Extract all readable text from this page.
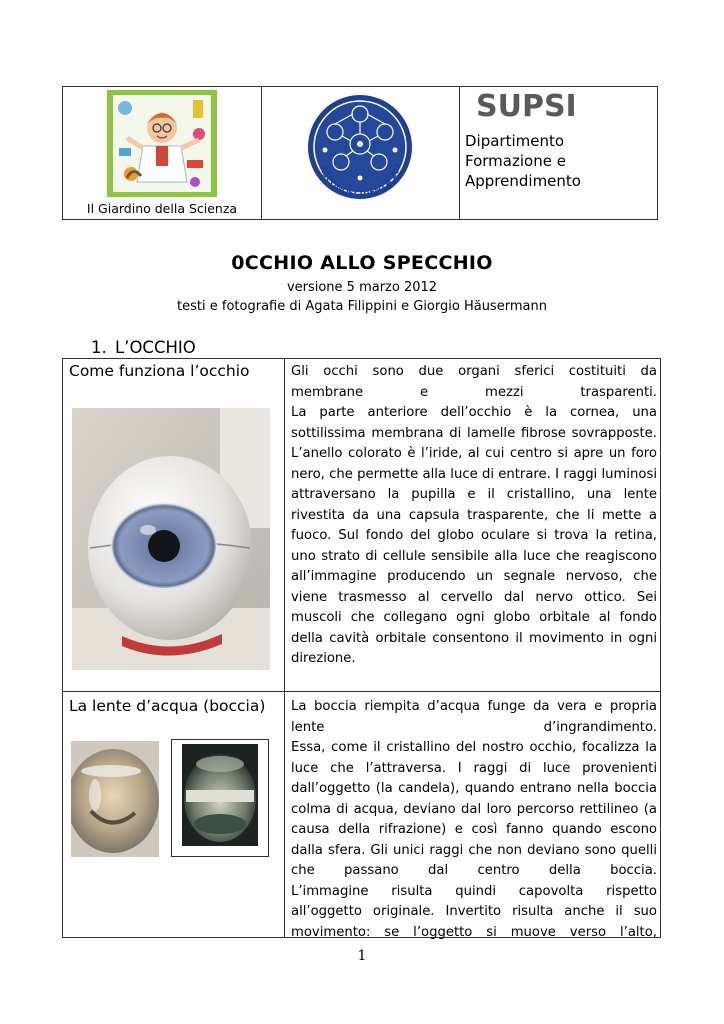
Il Giardino della Scienza
ASCONOSC(I)ENZA 201
SUPSI
Dipartimento
Formazione e
Apprendimento
0CCHIO ALLO SPECCHIO
versione 5 marzo 2012
testi e fotografie di Agata Filippini e Giorgio Häusermann
1. L’OCCHIO
Come funziona l’occhio	Gli occhi sono due organi sferici costituiti da membrane e mezzi trasparenti.

La parte anteriore dell’occhio è la cornea, una sottilissima membrana di lamelle fibrose sovrapposte. L’anello colorato è l’iride, al cui centro si apre un foro nero, che permette alla luce di entrare. I raggi luminosi attraversano la pupilla e il cristallino, una lente rivestita da una capsula trasparente, che li mette a fuoco. Sul fondo del globo oculare si trova la retina, uno strato di cellule sensibile alla luce che reagiscono all’immagine producendo un segnale nervoso, che viene trasmesso al cervello dal nervo ottico. Sei muscoli che collegano ogni globo orbitale al fondo della cavità orbitale consentono il movimento in ogni direzione.

La lente d’acqua (boccia) La boccia riempita d’acqua funge da vera e propria lente d’ingrandimento.

Essa, come il cristallino del nostro occhio, focalizza la luce che l’attraversa. I raggi di luce provenienti dall’oggetto (la candela), quando entrano nella boccia colma di acqua, deviano dal loro percorso rettilineo (a causa della rifrazione) e così fanno quando escono dalla sfera. Gli unici raggi che non deviano sono quelli che passano dal centro della boccia.

L’immagine risulta quindi capovolta rispetto all’oggetto originale. Invertito risulta anche il suo movimento: se l’oggetto si muove verso l’alto,

1
